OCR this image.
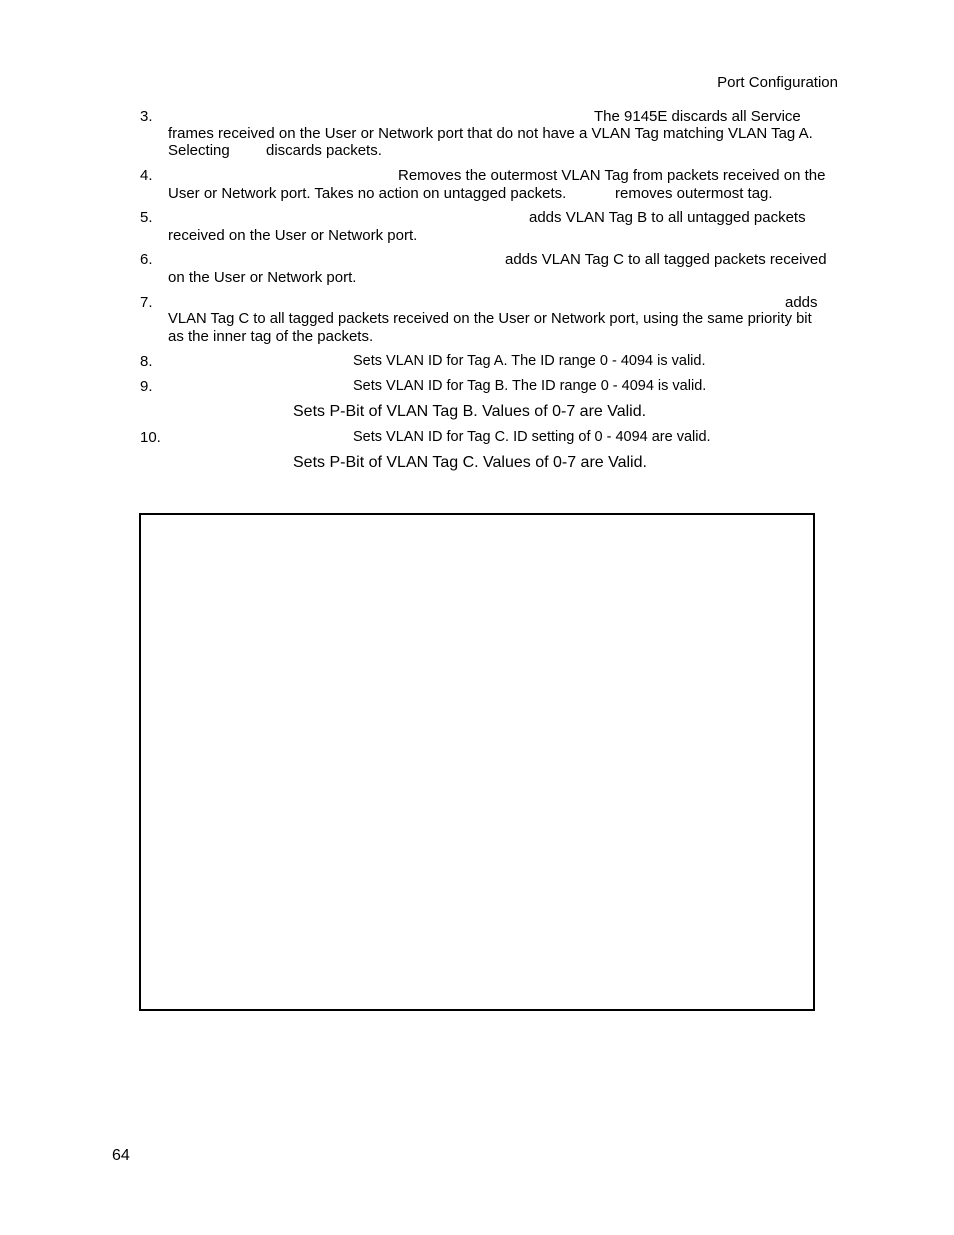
Port Configuration
3.	The 9145E discards all Service
frames received on the User or Network port that do not have a VLAN Tag matching VLAN Tag A.
Selecting discards packets.
4.	Removes the outermost VLAN Tag from packets received on the
User or Network port. Takes no action on untagged packets.	removes outermost tag.
5.	adds VLAN Tag B to all untagged packets
received on the User or Network port.
6.	adds VLAN Tag C to all tagged packets received
on the User or Network port.
7.	adds
VLAN Tag C to all tagged packets received on the User or Network port, using the same priority bit
as the inner tag of the packets.
8.	Sets VLAN ID for Tag A. The ID range 0 - 4094 is valid.
9.	Sets VLAN ID for Tag B. The ID range 0 - 4094 is valid.
Sets P-Bit of VLAN Tag B. Values of 0-7 are Valid.
10.	Sets VLAN ID for Tag C. ID setting of 0 - 4094 are valid.
Sets P-Bit of VLAN Tag C. Values of 0-7 are Valid.
64
